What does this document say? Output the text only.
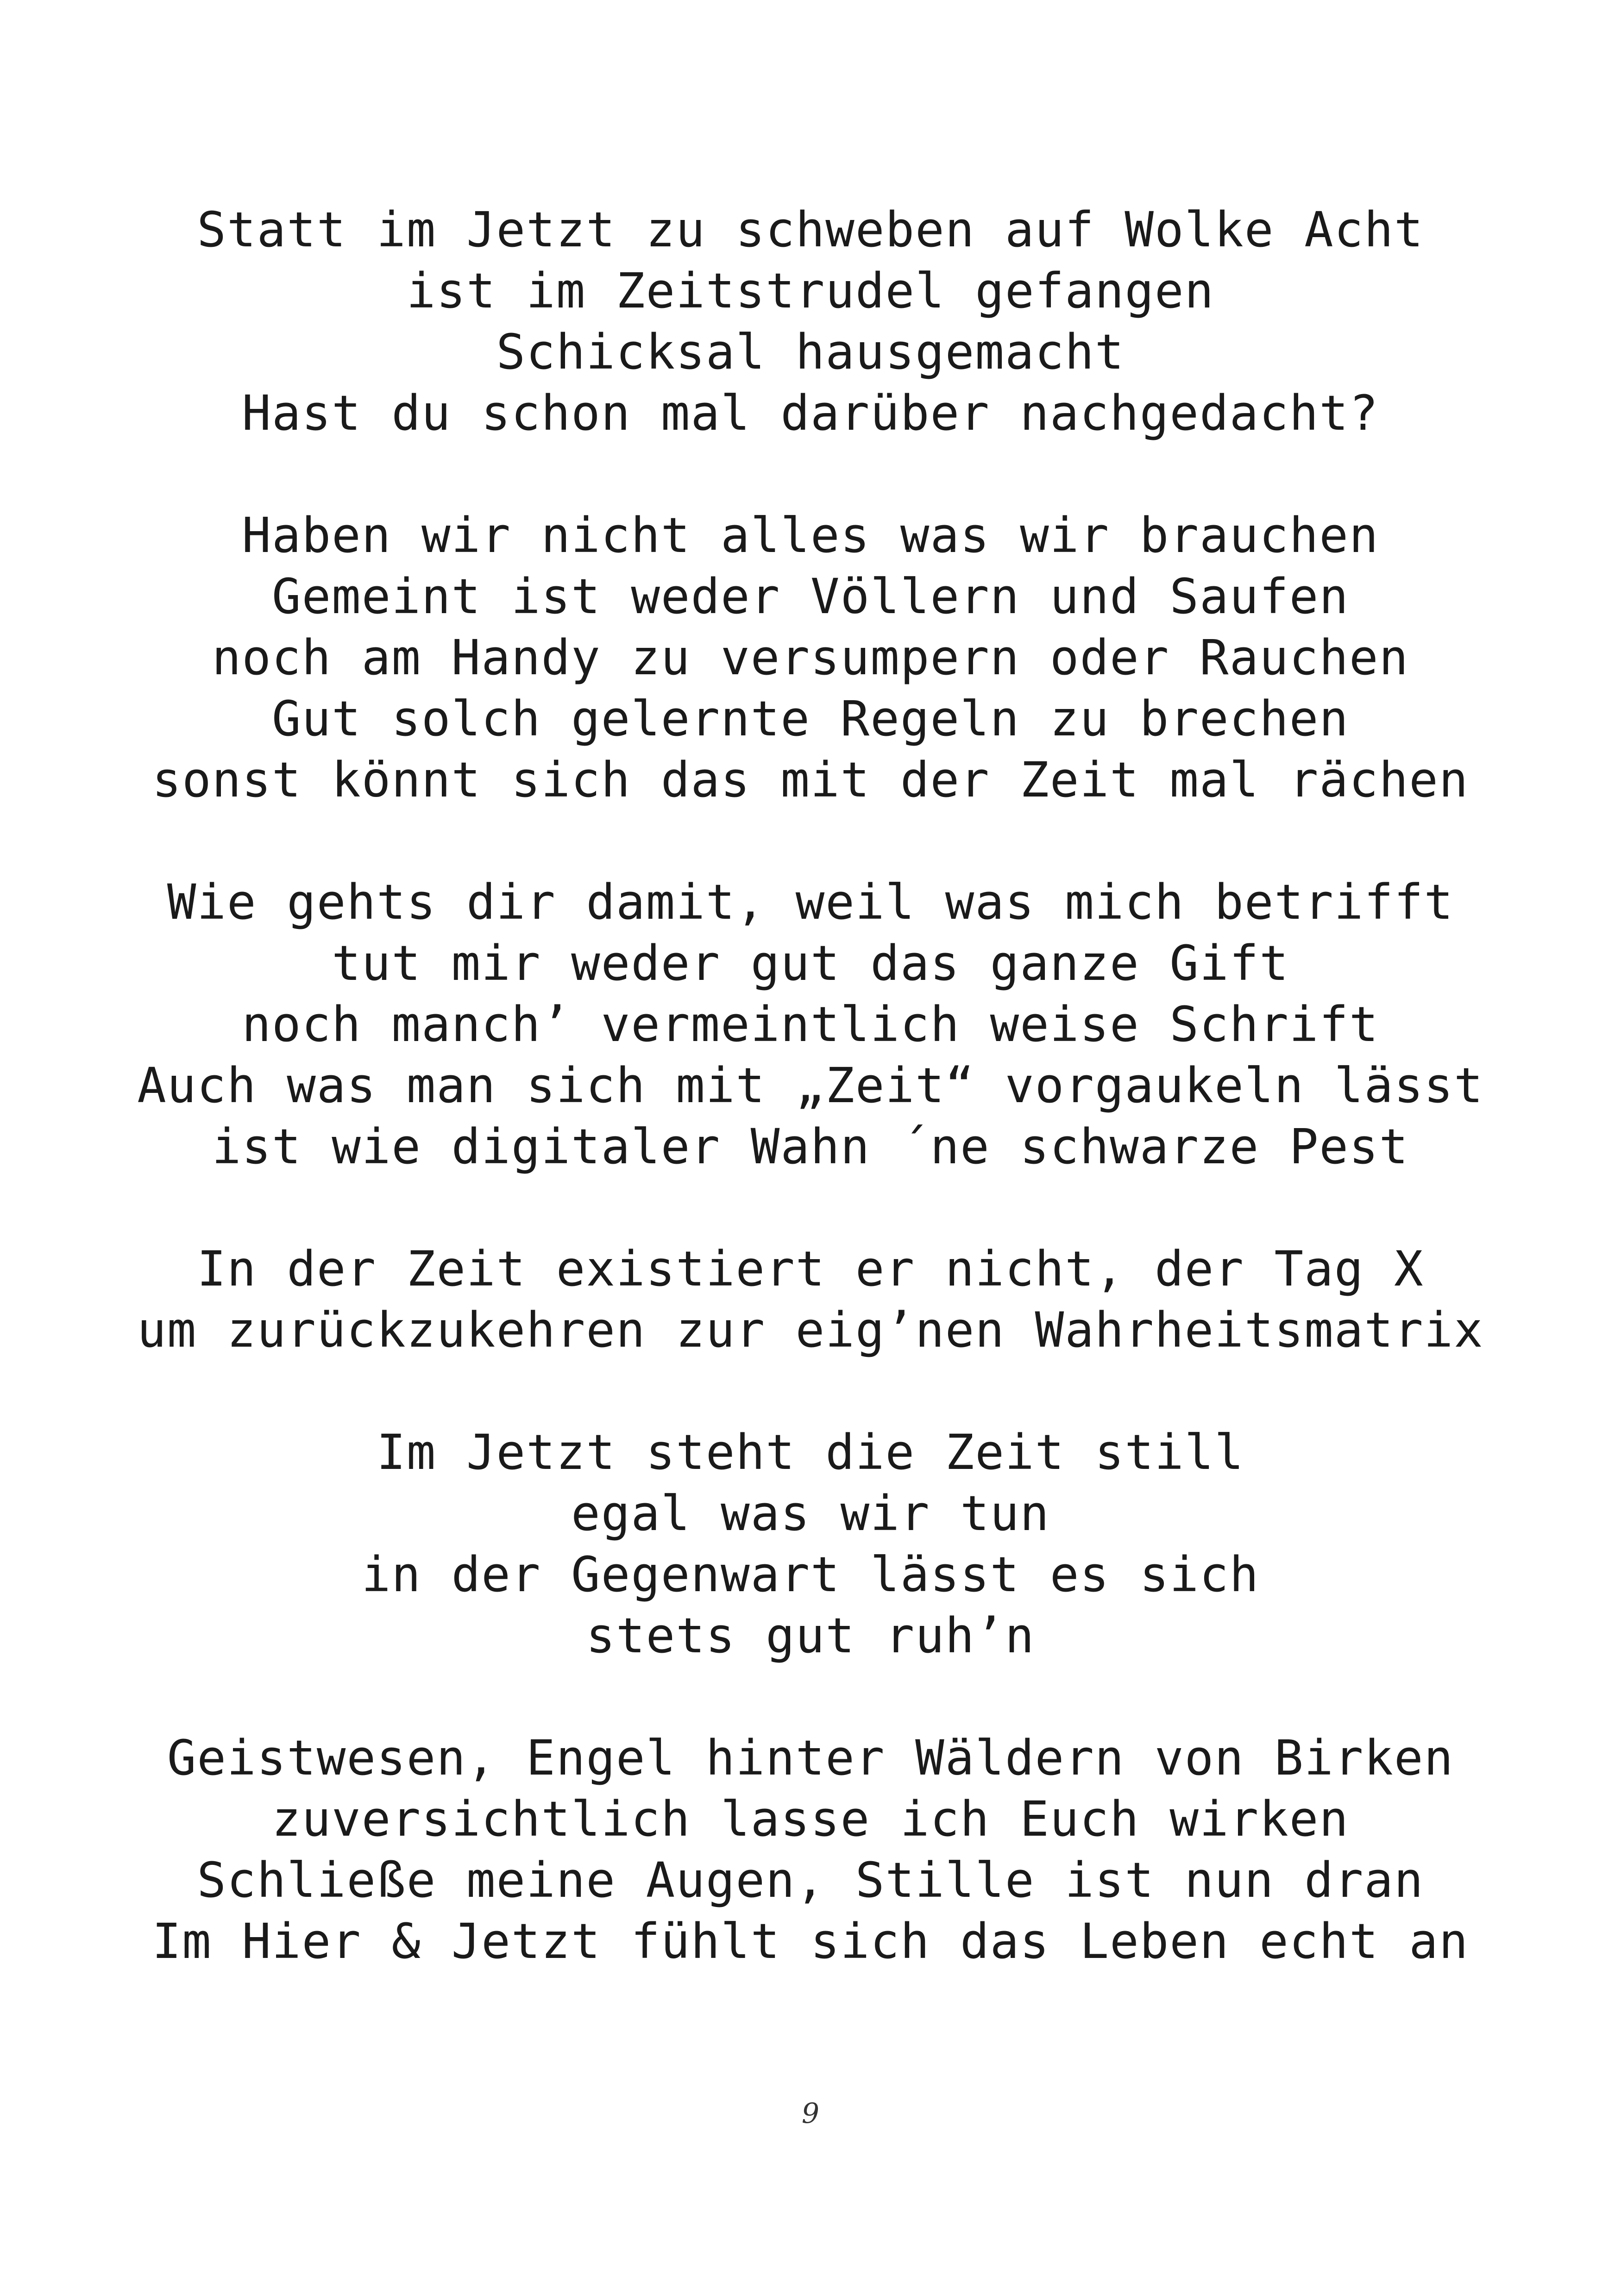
Statt im Jetzt zu schweben auf Wolke Acht
ist im Zeitstrudel gefangen
Schicksal hausgemacht
Hast du schon mal darüber nachgedacht?
Haben wir nicht alles was wir brauchen
Gemeint ist weder Völlern und Saufen
noch am Handy zu versumpern oder Rauchen
Gut solch gelernte Regeln zu brechen
sonst könnt sich das mit der Zeit mal rächen
Wie gehts dir damit, weil was mich betrifft
tut mir weder gut das ganze Gift
noch manch’ vermeintlich weise Schrift
Auch was man sich mit „Zeit“ vorgaukeln lässt
ist wie digitaler Wahn ´ne schwarze Pest
In der Zeit existiert er nicht, der Tag X
um zurückzukehren zur eig’nen Wahrheitsmatrix
Im Jetzt steht die Zeit still
egal was wir tun
in der Gegenwart lässt es sich
stets gut ruh’n
Geistwesen, Engel hinter Wäldern von Birken
zuversichtlich lasse ich Euch wirken
Schließe meine Augen, Stille ist nun dran
Im Hier & Jetzt fühlt sich das Leben echt an
9
